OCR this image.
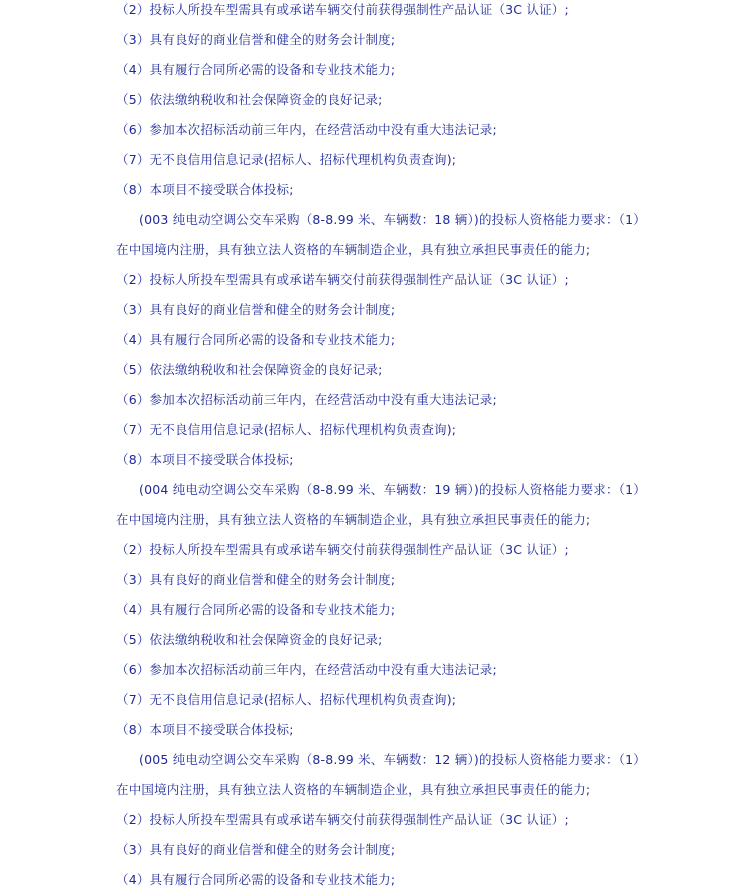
（2）投标人所投车型需具有或承诺车辆交付前获得强制性产品认证（3C 认证）;
（3）具有良好的商业信誉和健全的财务会计制度;
（4）具有履行合同所必需的设备和专业技术能力;
（5）依法缴纳税收和社会保障资金的良好记录;
（6）参加本次招标活动前三年内，在经营活动中没有重大违法记录;
（7）无不良信用信息记录(招标人、招标代理机构负责查询);
（8）本项目不接受联合体投标;
(003 纯电动空调公交车采购（8-8.99 米、车辆数：18 辆）)的投标人资格能力要求：（1）
在中国境内注册，具有独立法人资格的车辆制造企业，具有独立承担民事责任的能力;
（2）投标人所投车型需具有或承诺车辆交付前获得强制性产品认证（3C 认证）;
（3）具有良好的商业信誉和健全的财务会计制度;
（4）具有履行合同所必需的设备和专业技术能力;
（5）依法缴纳税收和社会保障资金的良好记录;
（6）参加本次招标活动前三年内，在经营活动中没有重大违法记录;
（7）无不良信用信息记录(招标人、招标代理机构负责查询);
（8）本项目不接受联合体投标;
(004 纯电动空调公交车采购（8-8.99 米、车辆数：19 辆）)的投标人资格能力要求：（1）
在中国境内注册，具有独立法人资格的车辆制造企业，具有独立承担民事责任的能力;
（2）投标人所投车型需具有或承诺车辆交付前获得强制性产品认证（3C 认证）;
（3）具有良好的商业信誉和健全的财务会计制度;
（4）具有履行合同所必需的设备和专业技术能力;
（5）依法缴纳税收和社会保障资金的良好记录;
（6）参加本次招标活动前三年内，在经营活动中没有重大违法记录;
（7）无不良信用信息记录(招标人、招标代理机构负责查询);
（8）本项目不接受联合体投标;
(005 纯电动空调公交车采购（8-8.99 米、车辆数：12 辆）)的投标人资格能力要求：（1）
在中国境内注册，具有独立法人资格的车辆制造企业，具有独立承担民事责任的能力;
（2）投标人所投车型需具有或承诺车辆交付前获得强制性产品认证（3C 认证）;
（3）具有良好的商业信誉和健全的财务会计制度;
（4）具有履行合同所必需的设备和专业技术能力;
